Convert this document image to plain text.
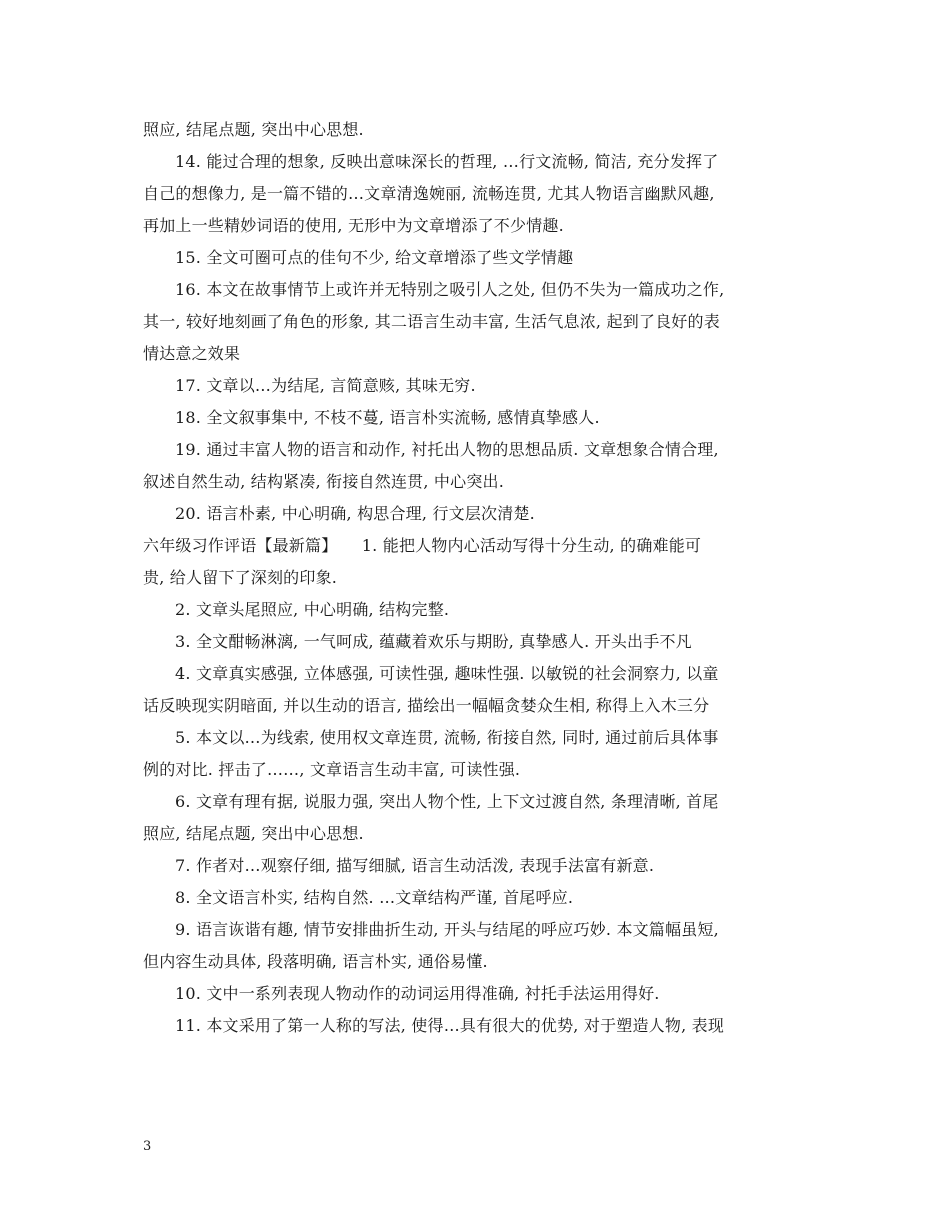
照应, 结尾点题, 突出中心思想.
14. 能过合理的想象, 反映出意味深长的哲理, …行文流畅, 简洁, 充分发挥了
自己的想像力, 是一篇不错的…文章清逸婉丽, 流畅连贯, 尤其人物语言幽默风趣,
再加上一些精妙词语的使用, 无形中为文章增添了不少情趣.
15. 全文可圈可点的佳句不少, 给文章增添了些文学情趣
16. 本文在故事情节上或许并无特别之吸引人之处, 但仍不失为一篇成功之作,
其一, 较好地刻画了角色的形象, 其二语言生动丰富, 生活气息浓, 起到了良好的表
情达意之效果
17. 文章以…为结尾, 言简意赅, 其味无穷.
18. 全文叙事集中, 不枝不蔓, 语言朴实流畅, 感情真挚感人.
19. 通过丰富人物的语言和动作, 衬托出人物的思想品质. 文章想象合情合理,
叙述自然生动, 结构紧凑, 衔接自然连贯, 中心突出.
20. 语言朴素, 中心明确, 构思合理, 行文层次清楚.
六年级习作评语【最新篇】　　1. 能把人物内心活动写得十分生动, 的确难能可
贵, 给人留下了深刻的印象.
2. 文章头尾照应, 中心明确, 结构完整.
3. 全文酣畅淋漓, 一气呵成, 蕴藏着欢乐与期盼, 真挚感人. 开头出手不凡
4. 文章真实感强, 立体感强, 可读性强, 趣味性强. 以敏锐的社会洞察力, 以童
话反映现实阴暗面, 并以生动的语言, 描绘出一幅幅贪婪众生相, 称得上入木三分
5. 本文以…为线索, 使用权文章连贯, 流畅, 衔接自然, 同时, 通过前后具体事
例的对比. 抨击了……, 文章语言生动丰富, 可读性强.
6. 文章有理有据, 说服力强, 突出人物个性, 上下文过渡自然, 条理清晰, 首尾
照应, 结尾点题, 突出中心思想.
7. 作者对…观察仔细, 描写细腻, 语言生动活泼, 表现手法富有新意.
8. 全文语言朴实, 结构自然. …文章结构严谨, 首尾呼应.
9. 语言诙谐有趣, 情节安排曲折生动, 开头与结尾的呼应巧妙. 本文篇幅虽短,
但内容生动具体, 段落明确, 语言朴实, 通俗易懂.
10. 文中一系列表现人物动作的动词运用得准确, 衬托手法运用得好.
11. 本文采用了第一人称的写法, 使得…具有很大的优势, 对于塑造人物, 表现
3
